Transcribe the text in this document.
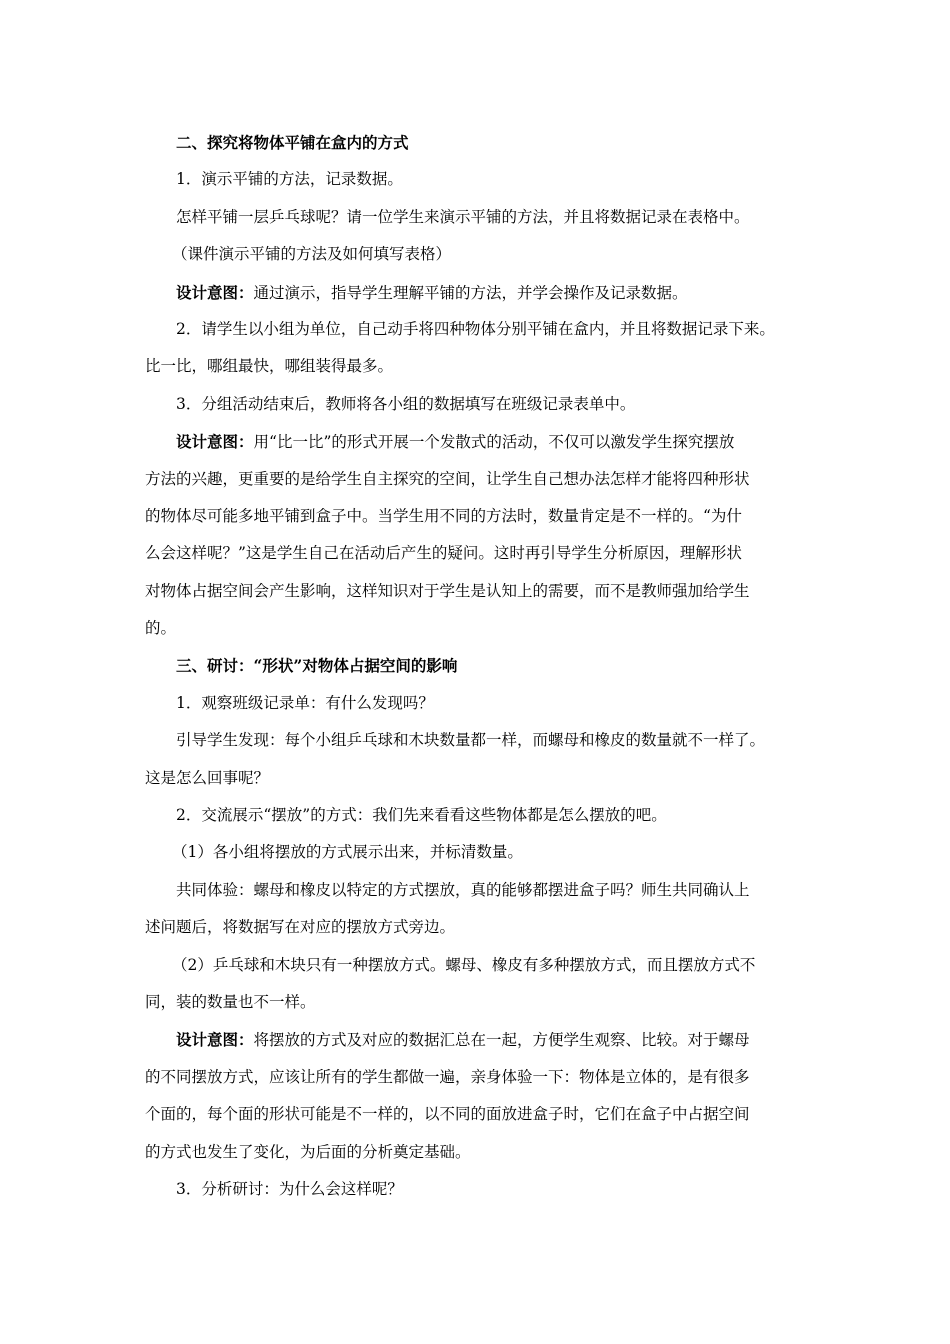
二、探究将物体平铺在盒内的方式
1．演示平铺的方法，记录数据。
怎样平铺一层乒乓球呢？请一位学生来演示平铺的方法，并且将数据记录在表格中。
（课件演示平铺的方法及如何填写表格）
设计意图：通过演示，指导学生理解平铺的方法，并学会操作及记录数据。
2．请学生以小组为单位，自己动手将四种物体分别平铺在盒内，并且将数据记录下来。
比一比，哪组最快，哪组装得最多。
3．分组活动结束后，教师将各小组的数据填写在班级记录表单中。
设计意图：用“比一比”的形式开展一个发散式的活动，不仅可以激发学生探究摆放
方法的兴趣，更重要的是给学生自主探究的空间，让学生自己想办法怎样才能将四种形状
的物体尽可能多地平铺到盒子中。当学生用不同的方法时，数量肯定是不一样的。“为什
么会这样呢？”这是学生自己在活动后产生的疑问。这时再引导学生分析原因，理解形状
对物体占据空间会产生影响，这样知识对于学生是认知上的需要，而不是教师强加给学生
的。
三、研讨：“形状”对物体占据空间的影响
1．观察班级记录单：有什么发现吗？
引导学生发现：每个小组乒乓球和木块数量都一样，而螺母和橡皮的数量就不一样了。
这是怎么回事呢？
2．交流展示“摆放”的方式：我们先来看看这些物体都是怎么摆放的吧。
（1）各小组将摆放的方式展示出来，并标清数量。
共同体验：螺母和橡皮以特定的方式摆放，真的能够都摆进盒子吗？师生共同确认上
述问题后，将数据写在对应的摆放方式旁边。
（2）乒乓球和木块只有一种摆放方式。螺母、橡皮有多种摆放方式，而且摆放方式不
同，装的数量也不一样。
设计意图：将摆放的方式及对应的数据汇总在一起，方便学生观察、比较。对于螺母
的不同摆放方式，应该让所有的学生都做一遍，亲身体验一下：物体是立体的，是有很多
个面的，每个面的形状可能是不一样的，以不同的面放进盒子时，它们在盒子中占据空间
的方式也发生了变化，为后面的分析奠定基础。
3．分析研讨：为什么会这样呢？
